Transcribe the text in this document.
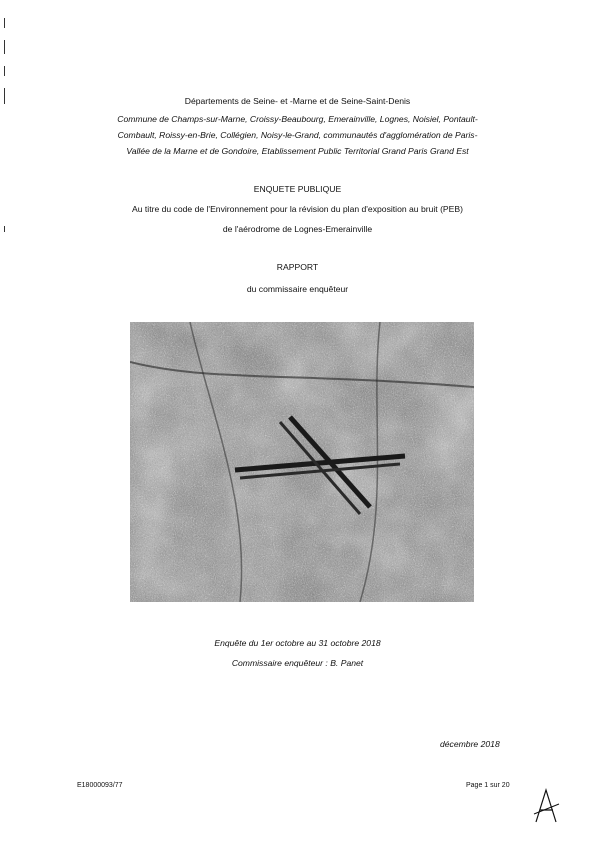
Départements de Seine- et -Marne et de Seine-Saint-Denis
Commune de Champs-sur-Marne, Croissy-Beaubourg, Emerainville, Lognes, Noisiel, Pontault-
Combault, Roissy-en-Brie, Collégien, Noisy-le-Grand, communautés d'agglomération de Paris-
Vallée de la Marne et de Gondoire, Etablissement Public Territorial Grand Paris Grand Est
ENQUETE PUBLIQUE
Au titre du code de l'Environnement pour la révision du plan d'exposition au bruit (PEB)
de l'aérodrome de Lognes-Emerainville
RAPPORT
du commissaire enquêteur
Enquête du 1er octobre au 31 octobre 2018
Commissaire enquêteur : B. Panet
décembre 2018
E18000093/77	Page 1 sur 20
